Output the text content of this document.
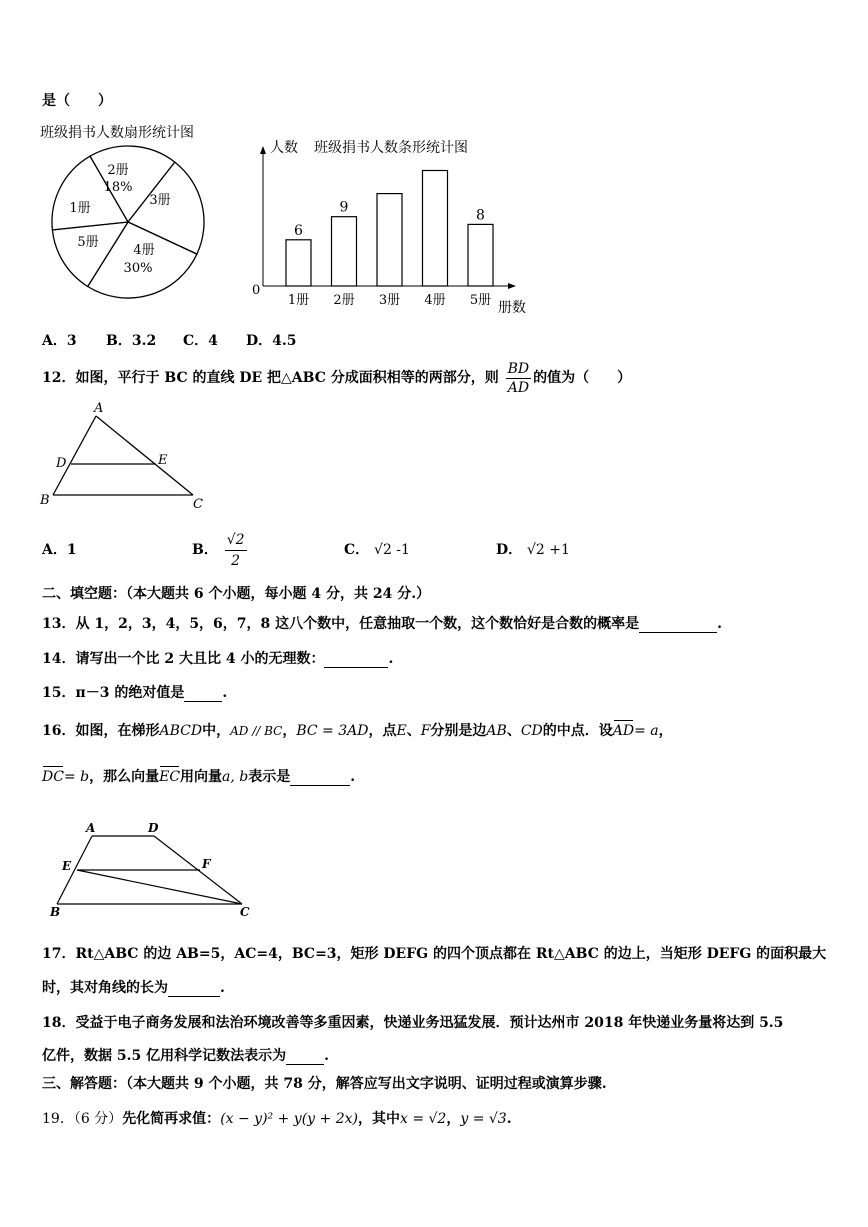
是（　　）
班级捐书人数扇形统计图
2册
18%
3册
4册
30%
5册
1册
人数 班级捐书人数条形统计图
0
册数
6
1册
9
2册 3册 4册
8
5册
A．3 B．3.2 C．4 D．4.5
12．如图，平行于 BC 的直线 DE 把△ABC 分成面积相等的两部分，则 $\frac{BD}{AD}$ 的值为（　　）
A
D	E
B	C
A．1	B． $\frac{√2}{2}$	C． √2 -1	D． √2 +1
二、填空题：（本大题共 6 个小题，每小题 4 分，共 24 分.）
13．从 1，2，3，4，5，6，7，8 这八个数中，任意抽取一个数，这个数恰好是合数的概率是	.
14．请写出一个比 2 大且比 4 小的无理数：	.
15．π－3 的绝对值是	.
16．如图，在梯形ABCD中，AD // BC，BC = 3AD，点E、F分别是边AB、CD的中点．设AD= a，
DC= b，那么向量EC用向量a, b表示是	.
A	D
E	F
B	C
17．Rt△ABC 的边 AB=5，AC=4，BC=3，矩形 DEFG 的四个顶点都在 Rt△ABC 的边上，当矩形 DEFG 的面积最大
时，其对角线的长为	.
18．受益于电子商务发展和法治环境改善等多重因素，快递业务迅猛发展．预计达州市 2018 年快递业务量将达到 5.5
亿件，数据 5.5 亿用科学记数法表示为	.
三、解答题：（本大题共 9 个小题，共 78 分，解答应写出文字说明、证明过程或演算步骤.
19．（6 分）先化简再求值：(x − y)² + y(y + 2x)，其中x = √2，y = √3.
